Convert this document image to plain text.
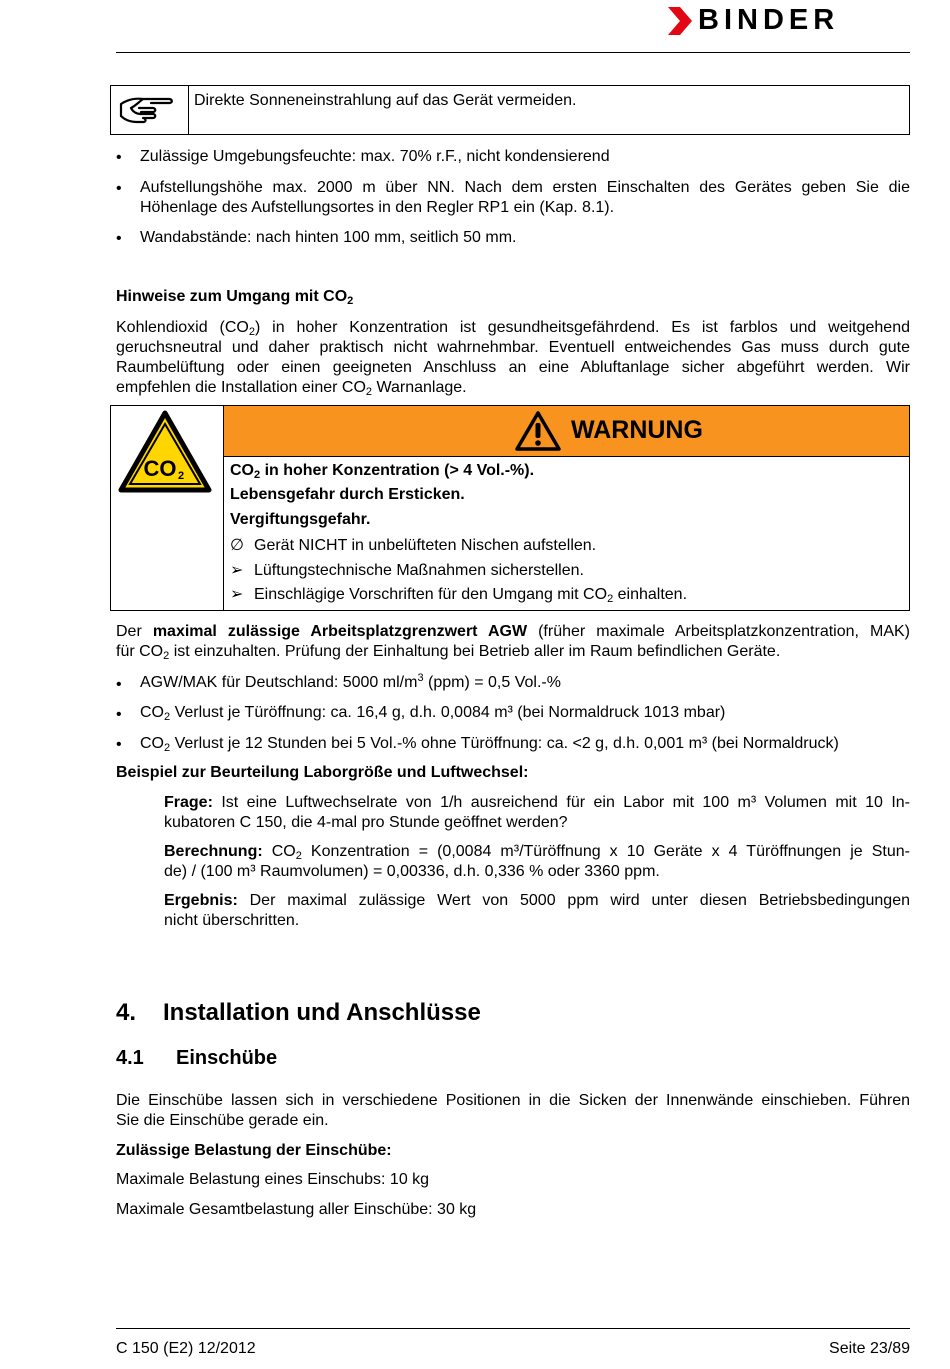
BINDER
Direkte Sonneneinstrahlung auf das Gerät vermeiden.
• Zulässige Umgebungsfeuchte: max. 70% r.F., nicht kondensierend
• Aufstellungshöhe max. 2000 m über NN. Nach dem ersten Einschalten des Gerätes geben Sie die
Höhenlage des Aufstellungsortes in den Regler RP1 ein (Kap. 8.1).
• Wandabstände: nach hinten 100 mm, seitlich 50 mm.
Hinweise zum Umgang mit $CO_2$
Kohlendioxid $(CO_2)$ in hoher Konzentration ist gesundheitsgefährdend. Es ist farblos und weitgehend
geruchsneutral und daher praktisch nicht wahrnehmbar. Eventuell entweichendes Gas muss durch gute
Raumbelüftung oder einen geeigneten Anschluss an eine Abluftanlage sicher abgeführt werden. Wir
empfehlen die Installation einer $CO_2$ Warnanlage.
CO 2
WARNUNG
$CO_2$ in hoher Konzentration (> 4 Vol.-%).
Lebensgefahr durch Ersticken.
Vergiftungsgefahr.
∅ Gerät NICHT in unbelüfteten Nischen aufstellen.
➢ Lüftungstechnische Maßnahmen sicherstellen.
➢ Einschlägige Vorschriften für den Umgang mit $CO_2$ einhalten.
Der maximal zulässige Arbeitsplatzgrenzwert AGW (früher maximale Arbeitsplatzkonzentration, MAK)
für $CO_2$ ist einzuhalten. Prüfung der Einhaltung bei Betrieb aller im Raum befindlichen Geräte.
• AGW/MAK für Deutschland: 5000 $ml/m^3$ (ppm) = 0,5 Vol.-%
• $CO_2$ Verlust je Türöffnung: ca. 16,4 g, d.h. 0,0084 m³ (bei Normaldruck 1013 mbar)
• $CO_2$ Verlust je 12 Stunden bei 5 Vol.-% ohne Türöffnung: ca. <2 g, d.h. 0,001 m³ (bei Normaldruck)
Beispiel zur Beurteilung Laborgröße und Luftwechsel:
Frage: Ist eine Luftwechselrate von 1/h ausreichend für ein Labor mit 100 m³ Volumen mit 10 In-
kubatoren C 150, die 4-mal pro Stunde geöffnet werden?
Berechnung: $CO_2$ Konzentration = (0,0084 m³/Türöffnung x 10 Geräte x 4 Türöffnungen je Stun-
de) / (100 m³ Raumvolumen) = 0,00336, d.h. 0,336 % oder 3360 ppm.
Ergebnis: Der maximal zulässige Wert von 5000 ppm wird unter diesen Betriebsbedingungen
nicht überschritten.
4. Installation und Anschlüsse
4.1 Einschübe
Die Einschübe lassen sich in verschiedene Positionen in die Sicken der Innenwände einschieben. Führen
Sie die Einschübe gerade ein.
Zulässige Belastung der Einschübe:
Maximale Belastung eines Einschubs: 10 kg
Maximale Gesamtbelastung aller Einschübe: 30 kg
C 150 (E2) 12/2012	Seite 23/89
